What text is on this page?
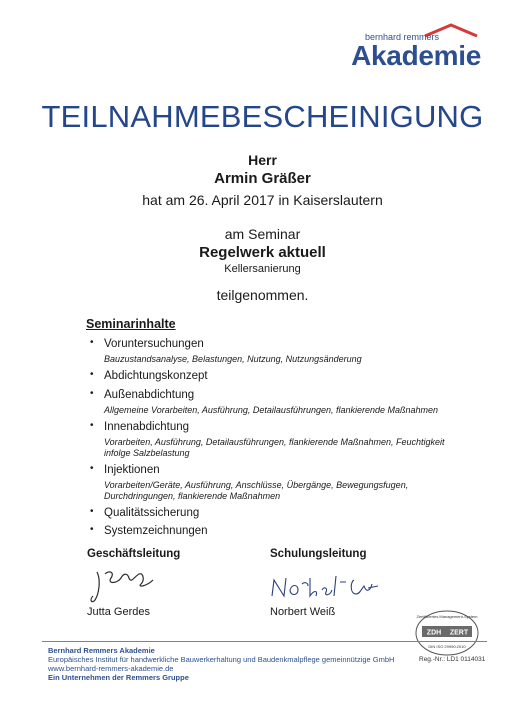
bernhard remmers
Akademie
TEILNAHMEBESCHEINIGUNG
Herr
Armin Gräßer
hat am 26. April 2017 in Kaiserslautern
am Seminar
Regelwerk aktuell
Kellersanierung
teilgenommen.
Seminarinhalte
• Voruntersuchungen
Bauzustandsanalyse, Belastungen, Nutzung, Nutzungsänderung
• Abdichtungskonzept
• Außenabdichtung
Allgemeine Vorarbeiten, Ausführung, Detailausführungen, flankierende Maßnahmen
• Innenabdichtung
Vorarbeiten, Ausführung, Detailausführungen, flankierende Maßnahmen, Feuchtigkeit infolge Salzbelastung
• Injektionen
Vorarbeiten/Geräte, Ausführung, Anschlüsse, Übergänge, Bewegungsfugen, Durchdringungen, flankierende Maßnahmen
• Qualitätssicherung
• Systemzeichnungen
Geschäftsleitung
Jutta Gerdes
Schulungsleitung
Norbert Weiß	Zertifiziertes Management-System
ZDH ZERT
DIN ISO 29990:2010
Bernhard Remmers Akademie
Europäisches Institut für handwerkliche Bauwerkerhaltung und Baudenkmalpflege gemeinnützige GmbH
www.bernhard-remmers-akademie.de
Ein Unternehmen der Remmers Gruppe
Reg.-Nr.: LD1 0114031
